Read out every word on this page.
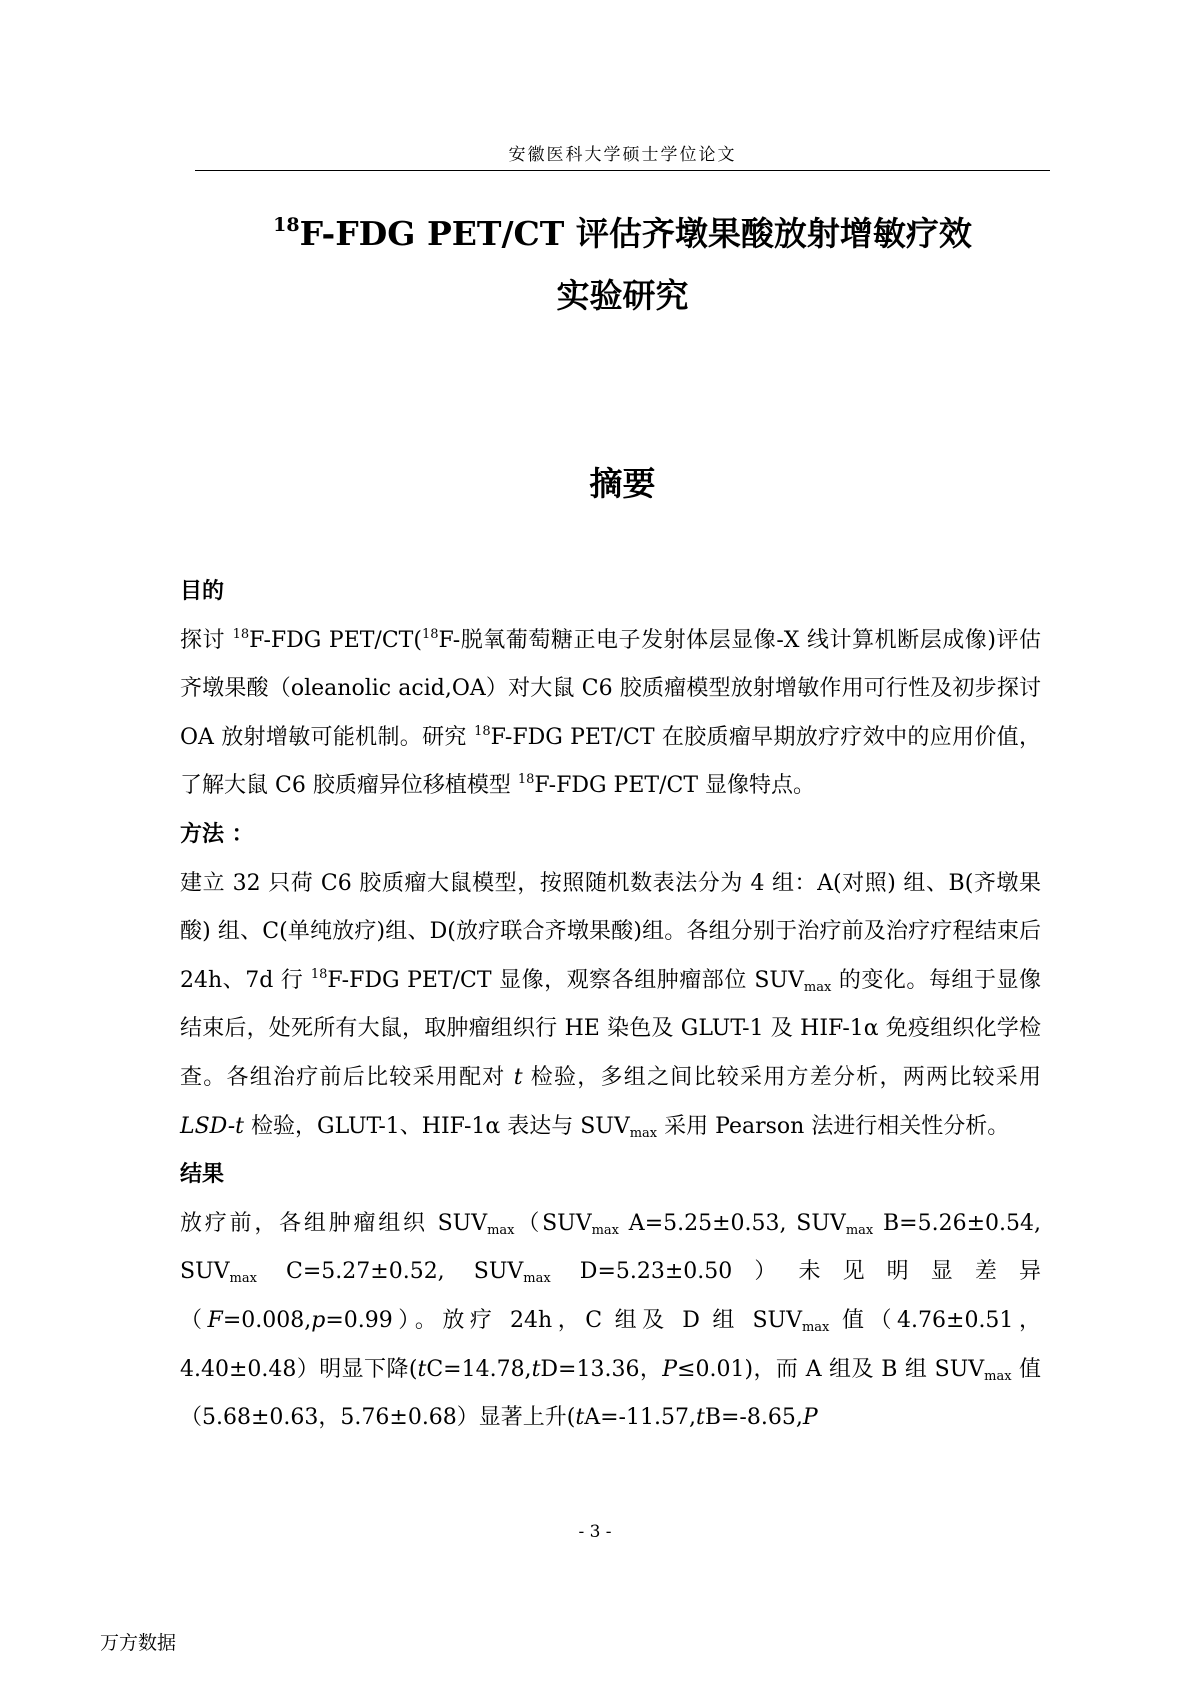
安徽医科大学硕士学位论文
$^{18}$F-FDG PET/CT 评估齐墩果酸放射增敏疗效
实验研究
摘要
目的
探讨 $^{18}$F-FDG PET/CT($^{18}$F-脱氧葡萄糖正电子发射体层显像-X 线计算机断层成像)评估齐墩果酸（oleanolic acid,OA）对大鼠 C6 胶质瘤模型放射增敏作用可行性及初步探讨 OA 放射增敏可能机制。研究 $^{18}$F-FDG PET/CT 在胶质瘤早期放疗疗效中的应用价值，了解大鼠 C6 胶质瘤异位移植模型 $^{18}$F-FDG PET/CT 显像特点。
方法 ：
建立 32 只荷 C6 胶质瘤大鼠模型，按照随机数表法分为 4 组：A(对照) 组、B(齐墩果酸) 组、C(单纯放疗)组、D(放疗联合齐墩果酸)组。各组分别于治疗前及治疗疗程结束后 24h、7d 行 $^{18}$F-FDG PET/CT 显像，观察各组肿瘤部位 $SUV_{max}$ 的变化。每组于显像结束后，处死所有大鼠，取肿瘤组织行 HE 染色及 GLUT-1 及 HIF-1α 免疫组织化学检查。各组治疗前后比较采用配对 t 检验，多组之间比较采用方差分析，两两比较采用 LSD-t 检验，GLUT-1、HIF-1α 表达与 $SUV_{max}$ 采用 Pearson 法进行相关性分析。
结果
放疗前，各组肿瘤组织 $SUV_{max}(SUV_{max}$ A=5.25±0.53, $SUV_{max}$ B=5.26±0.54, $SUV_{max}$ C=5.27±0.52, $SUV_{max}$ D=5.23±0.50）未见明显差异（F=0.008,p=0.99）。放疗 24h，C 组及 D 组 $SUV_{max}$ 值（4.76±0.51，4.40±0.48）明显下降(tC=14.78,tD=13.36，P≤0.01)，而 A 组及 B 组 $SUV_{max}$ 值（5.68±0.63，5.76±0.68）显著上升(tA=-11.57,tB=-8.65,P
- 3 -
万方数据
